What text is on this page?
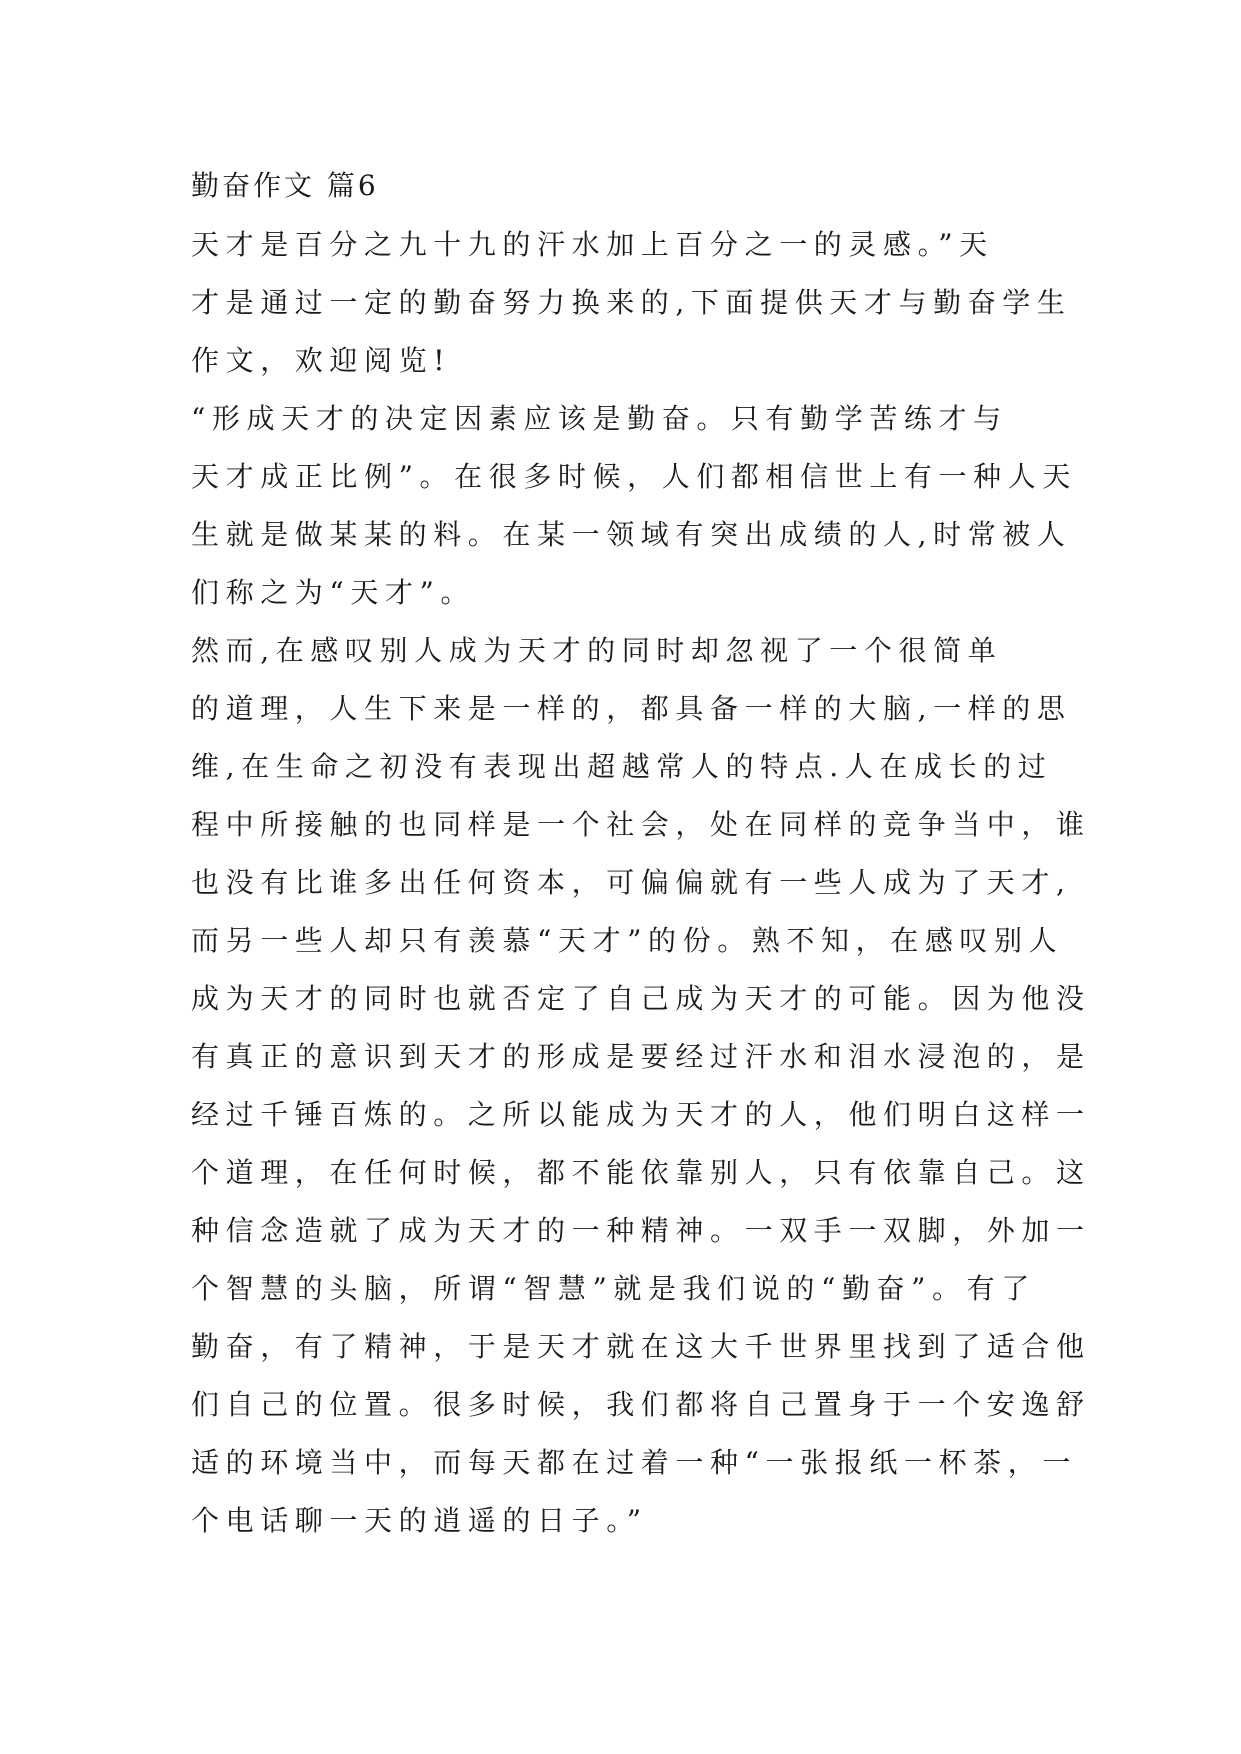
勤奋作文 篇6
天才是百分之九十九的汗水加上百分之一的灵感。”天
才是通过一定的勤奋努力换来的,下面提供天才与勤奋学生
作文，欢迎阅览!
“形成天才的决定因素应该是勤奋。只有勤学苦练才与
天才成正比例”。在很多时候，人们都相信世上有一种人天
生就是做某某的料。在某一领域有突出成绩的人,时常被人
们称之为“天才”。
然而,在感叹别人成为天才的同时却忽视了一个很简单
的道理，人生下来是一样的，都具备一样的大脑,一样的思
维,在生命之初没有表现出超越常人的特点.人在成长的过
程中所接触的也同样是一个社会，处在同样的竞争当中，谁
也没有比谁多出任何资本，可偏偏就有一些人成为了天才,
而另一些人却只有羡慕“天才”的份。熟不知，在感叹别人
成为天才的同时也就否定了自己成为天才的可能。因为他没
有真正的意识到天才的形成是要经过汗水和泪水浸泡的，是
经过千锤百炼的。之所以能成为天才的人，他们明白这样一
个道理，在任何时候，都不能依靠别人，只有依靠自己。这
种信念造就了成为天才的一种精神。一双手一双脚，外加一
个智慧的头脑，所谓“智慧”就是我们说的“勤奋”。有了
勤奋，有了精神，于是天才就在这大千世界里找到了适合他
们自己的位置。很多时候，我们都将自己置身于一个安逸舒
适的环境当中，而每天都在过着一种“一张报纸一杯茶，一
个电话聊一天的逍遥的日子。”
